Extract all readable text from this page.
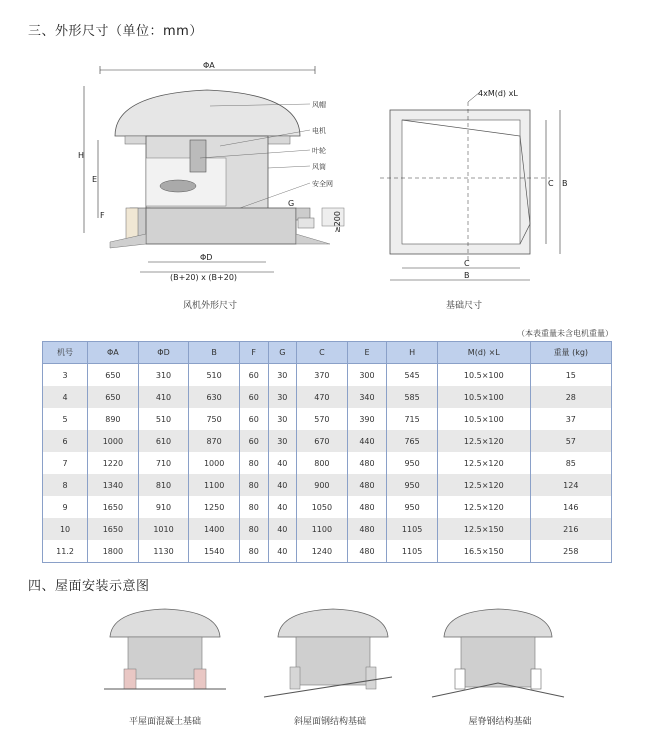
三、外形尺寸（单位：mm）
ΦA
H
E
F
G
≥200
ΦD
(B+20) x (B+20)
风帽
电机
叶轮
风筒
安全网
风机外形尺寸
4xM(d) xL
C
B
C B
基础尺寸
（本表重量未含电机重量）
机号	ΦA	ΦD	B	F	G	C	E	H	M(d) ×L	重量 (kg)
3	650	310	510	60	30	370	300	545	10.5×100	15
4	650	410	630	60	30	470	340	585	10.5×100	28
5	890	510	750	60	30	570	390	715	10.5×100	37
6	1000	610	870	60	30	670	440	765	12.5×120	57
7	1220	710	1000	80	40	800	480	950	12.5×120	85
8	1340	810	1100	80	40	900	480	950	12.5×120	124
9	1650	910	1250	80	40	1050	480	950	12.5×120	146
10	1650	1010	1400	80	40	1100	480	1105	12.5×150	216
11.2	1800	1130	1540	80	40	1240	480	1105	16.5×150	258
四、屋面安装示意图
平屋面混凝土基础	斜屋面钢结构基础	屋脊钢结构基础
